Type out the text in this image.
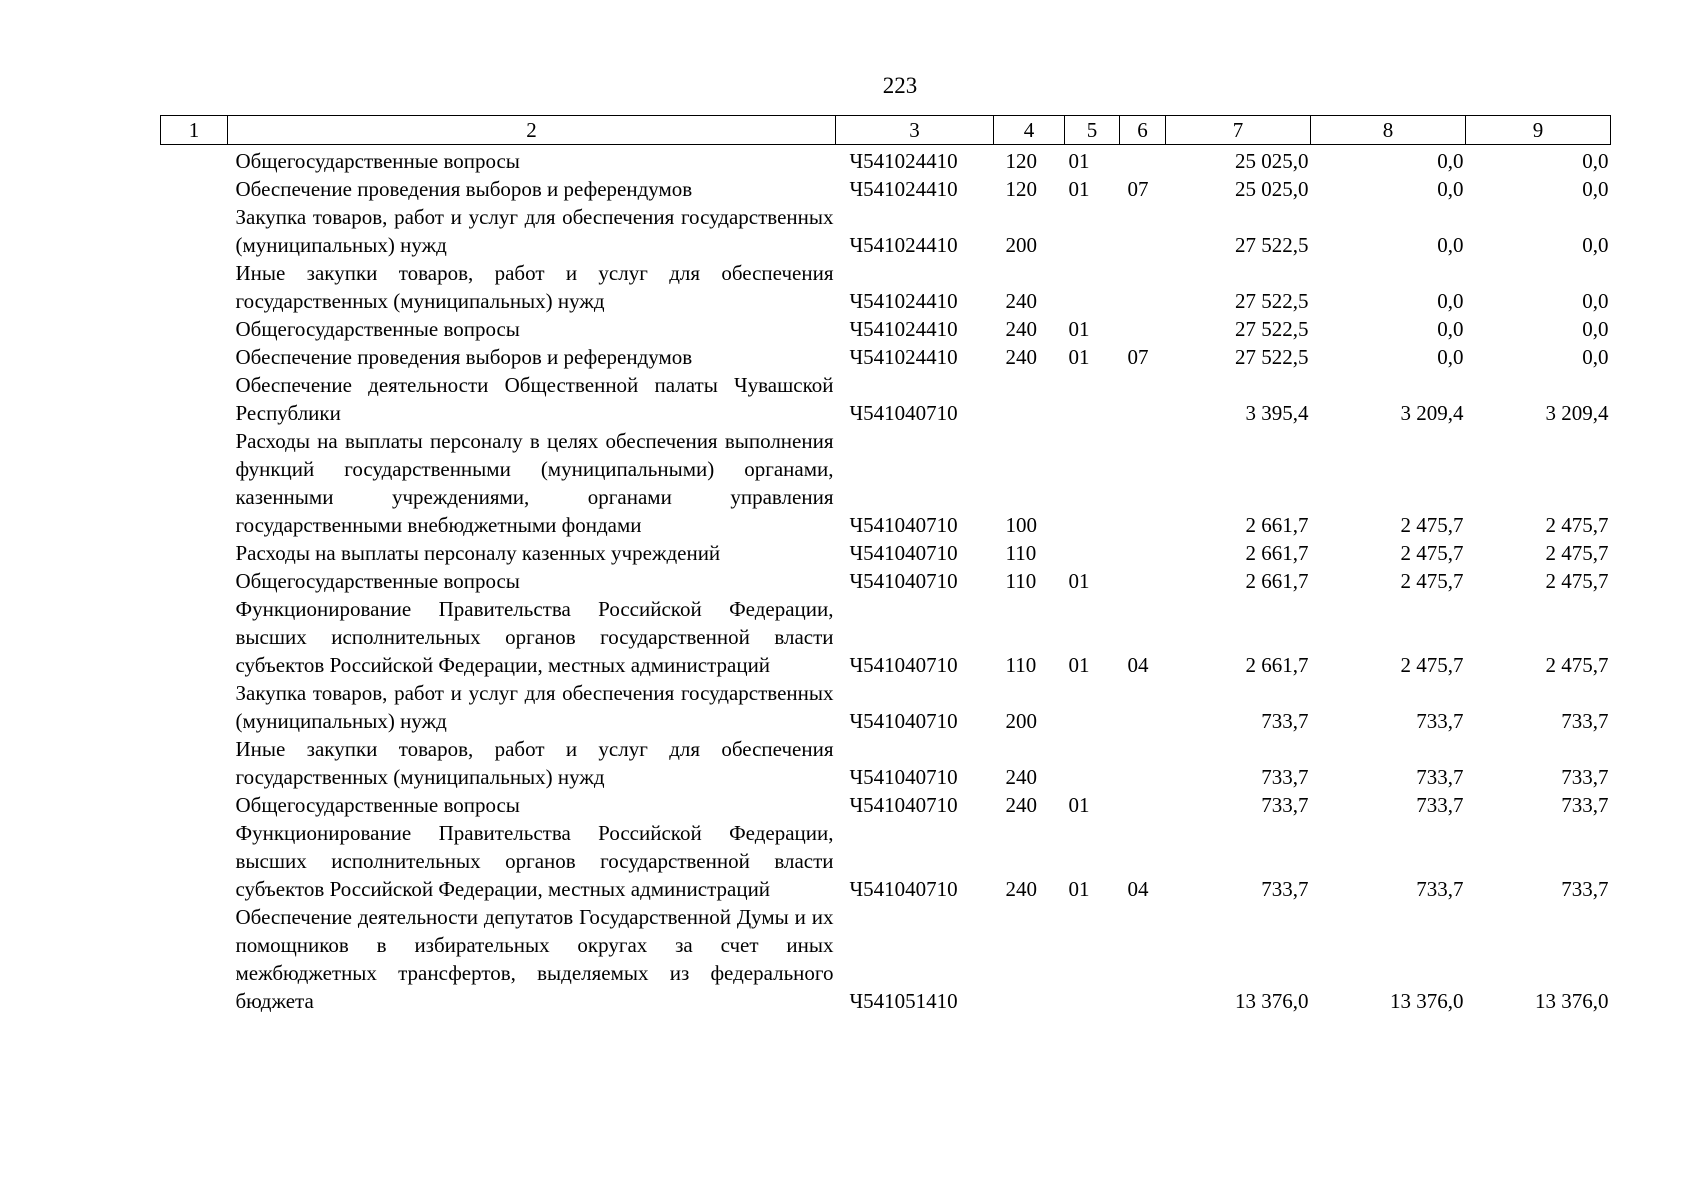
223
1	2	3	4	5	6	7	8	9
	Общегосударственные вопросы	Ч541024410	120	01		25 025,0	0,0	0,0
	Обеспечение проведения выборов и референдумов	Ч541024410	120	01	07	25 025,0	0,0	0,0
	Закупка товаров, работ и услуг для обеспечения государственных (муниципальных) нужд	Ч541024410	200			27 522,5	0,0	0,0
	Иные закупки товаров, работ и услуг для обеспечения государственных (муниципальных) нужд	Ч541024410	240			27 522,5	0,0	0,0
	Общегосударственные вопросы	Ч541024410	240	01		27 522,5	0,0	0,0
	Обеспечение проведения выборов и референдумов	Ч541024410	240	01	07	27 522,5	0,0	0,0
	Обеспечение деятельности Общественной палаты Чувашской Республики	Ч541040710				3 395,4	3 209,4	3 209,4
	Расходы на выплаты персоналу в целях обеспечения выполнения функций государственными (муниципальными) органами, казенными учреждениями, органами управления государственными внебюджетными фондами	Ч541040710	100			2 661,7	2 475,7	2 475,7
	Расходы на выплаты персоналу казенных учреждений	Ч541040710	110			2 661,7	2 475,7	2 475,7
	Общегосударственные вопросы	Ч541040710	110	01		2 661,7	2 475,7	2 475,7
	Функционирование Правительства Российской Федерации, высших исполнительных органов государственной власти субъектов Российской Федерации, местных администраций	Ч541040710	110	01	04	2 661,7	2 475,7	2 475,7
	Закупка товаров, работ и услуг для обеспечения государственных (муниципальных) нужд	Ч541040710	200			733,7	733,7	733,7
	Иные закупки товаров, работ и услуг для обеспечения государственных (муниципальных) нужд	Ч541040710	240			733,7	733,7	733,7
	Общегосударственные вопросы	Ч541040710	240	01		733,7	733,7	733,7
	Функционирование Правительства Российской Федерации, высших исполнительных органов государственной власти субъектов Российской Федерации, местных администраций	Ч541040710	240	01	04	733,7	733,7	733,7
	Обеспечение деятельности депутатов Государственной Думы и их помощников в избирательных округах за счет иных межбюджетных трансфертов, выделяемых из федерального бюджета	Ч541051410				13 376,0	13 376,0	13 376,0
